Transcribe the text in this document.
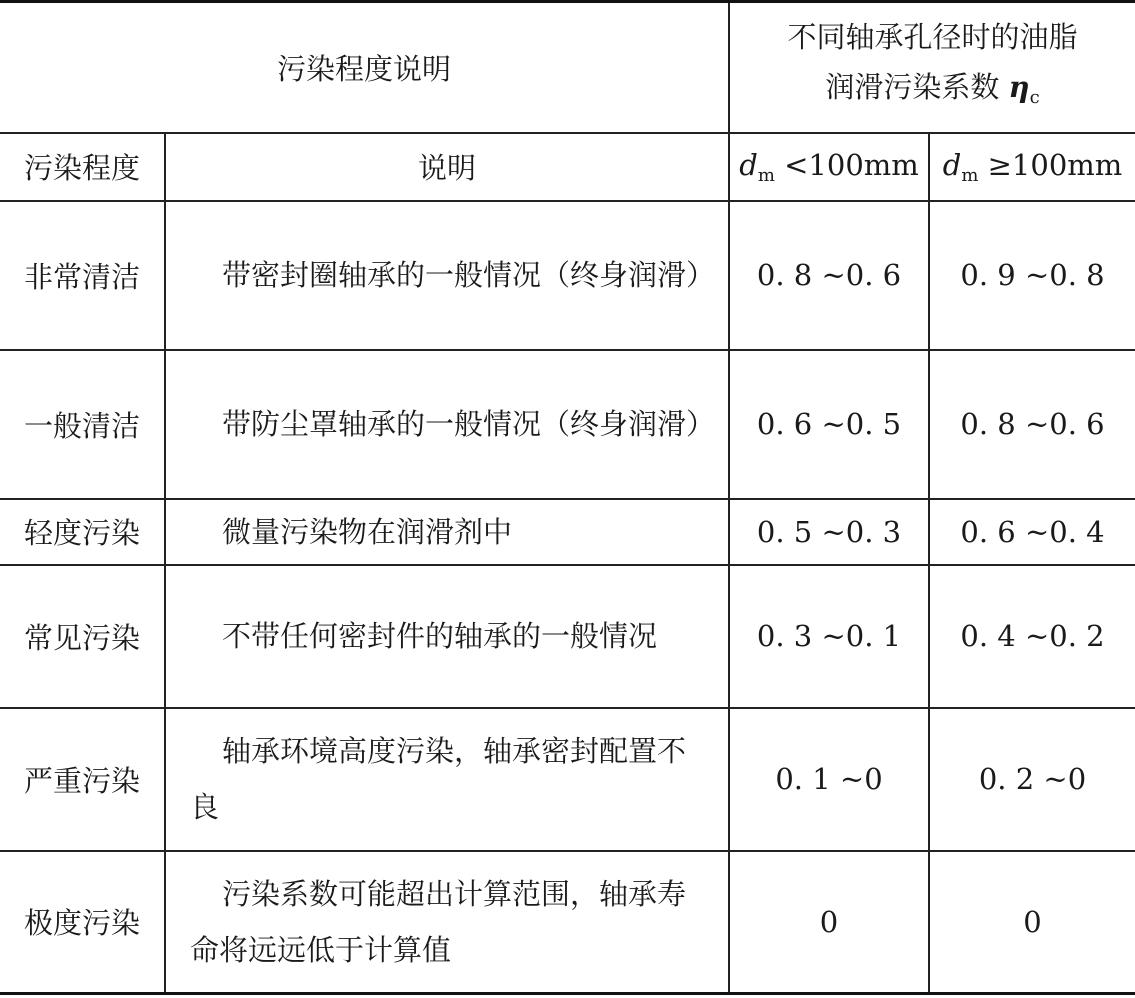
污染程度说明		不同轴承孔径时的油脂
润滑污染系数 $\eta_c$
污染程度	说明	$d_m <100mm$	$d_m \ge 100mm$
非常清洁	带密封圈轴承的一般情况（终身润滑）	0. 8 ~0. 6	0. 9 ~0. 8
一般清洁	带防尘罩轴承的一般情况（终身润滑）	0. 6 ~0. 5	0. 8 ~0. 6
轻度污染	微量污染物在润滑剂中	0. 5 ~0. 3	0. 6 ~0. 4
常见污染	不带任何密封件的轴承的一般情况	0. 3 ~0. 1	0. 4 ~0. 2
严重污染	轴承环境高度污染，轴承密封配置不良	0. 1 ~0	0. 2 ~0
极度污染	污染系数可能超出计算范围，轴承寿命将远远低于计算值	0	0
